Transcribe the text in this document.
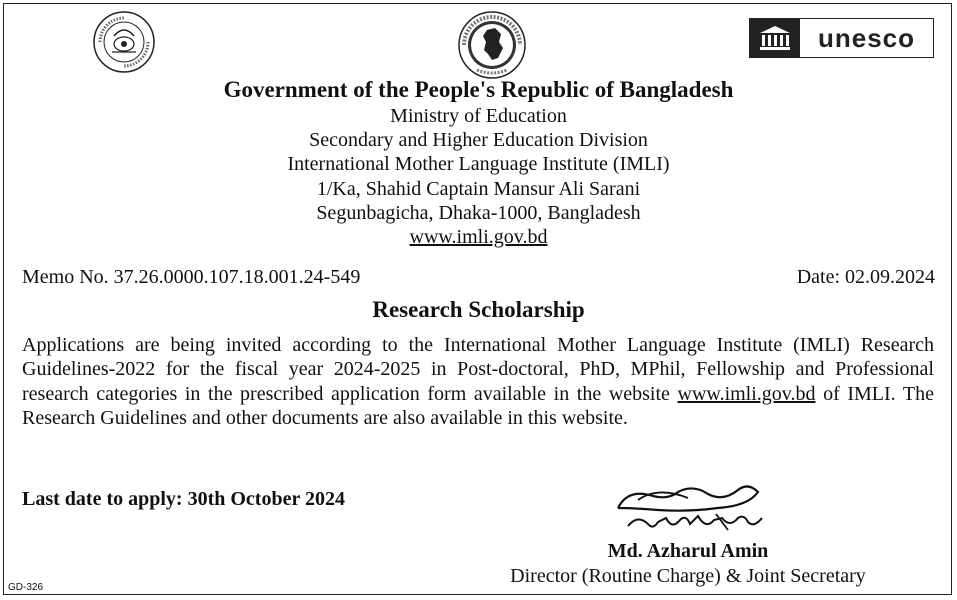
unesco
Government of the People's Republic of Bangladesh
Ministry of Education
Secondary and Higher Education Division
International Mother Language Institute (IMLI)
1/Ka, Shahid Captain Mansur Ali Sarani
Segunbagicha, Dhaka-1000, Bangladesh
www.imli.gov.bd
Memo No. 37.26.0000.107.18.001.24-549	Date: 02.09.2024
Research Scholarship
Applications are being invited according to the International Mother Language Institute (IMLI) Research Guidelines-2022 for the fiscal year 2024-2025 in Post-doctoral, PhD, MPhil, Fellowship and Professional research categories in the prescribed application form available in the website www.imli.gov.bd of IMLI. The Research Guidelines and other documents are also available in this website.
Last date to apply: 30th October 2024
Md. Azharul Amin
Director (Routine Charge) & Joint Secretary
GD-326
